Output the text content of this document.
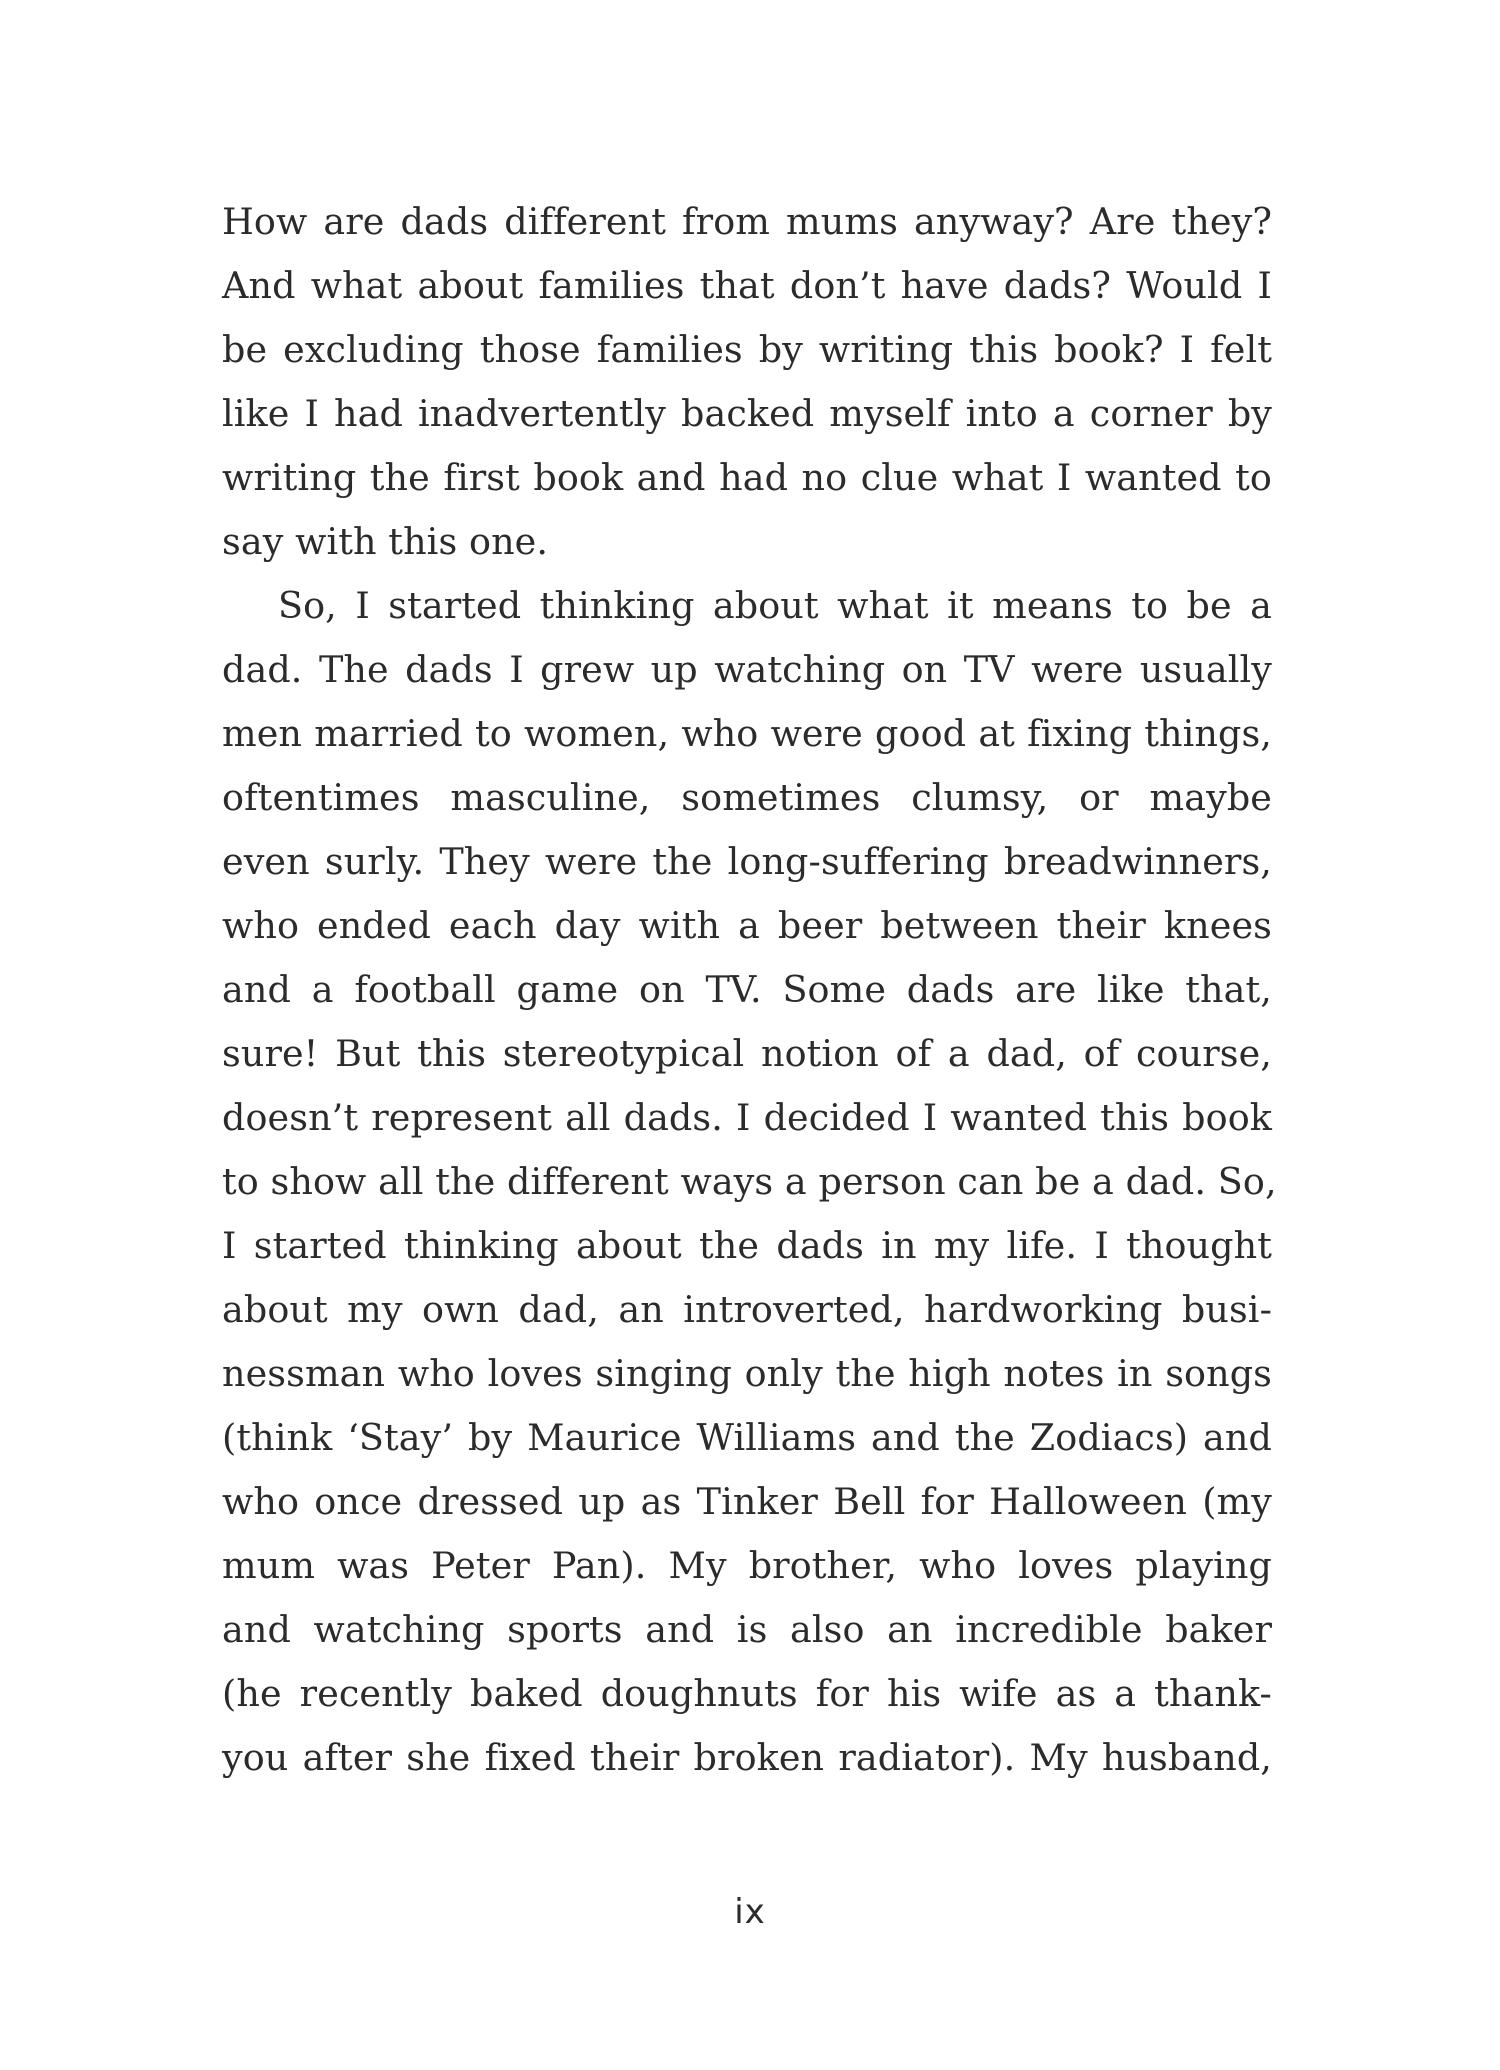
How are dads different from mums anyway? Are they?
And what about families that don’t have dads? Would I
be excluding those families by writing this book? I felt
like I had inadvertently backed myself into a corner by
writing the first book and had no clue what I wanted to
say with this one.
So, I started thinking about what it means to be a
dad. The dads I grew up watching on TV were usually
men married to women, who were good at fixing things,
oftentimes masculine, sometimes clumsy, or maybe
even surly. They were the long-suffering breadwinners,
who ended each day with a beer between their knees
and a football game on TV. Some dads are like that,
sure! But this stereotypical notion of a dad, of course,
doesn’t represent all dads. I decided I wanted this book
to show all the different ways a person can be a dad. So,
I started thinking about the dads in my life. I thought
about my own dad, an introverted, hardworking busi-
nessman who loves singing only the high notes in songs
(think ‘Stay’ by Maurice Williams and the Zodiacs) and
who once dressed up as Tinker Bell for Halloween (my
mum was Peter Pan). My brother, who loves playing
and watching sports and is also an incredible baker
(he recently baked doughnuts for his wife as a thank-
you after she fixed their broken radiator). My husband,
ix
